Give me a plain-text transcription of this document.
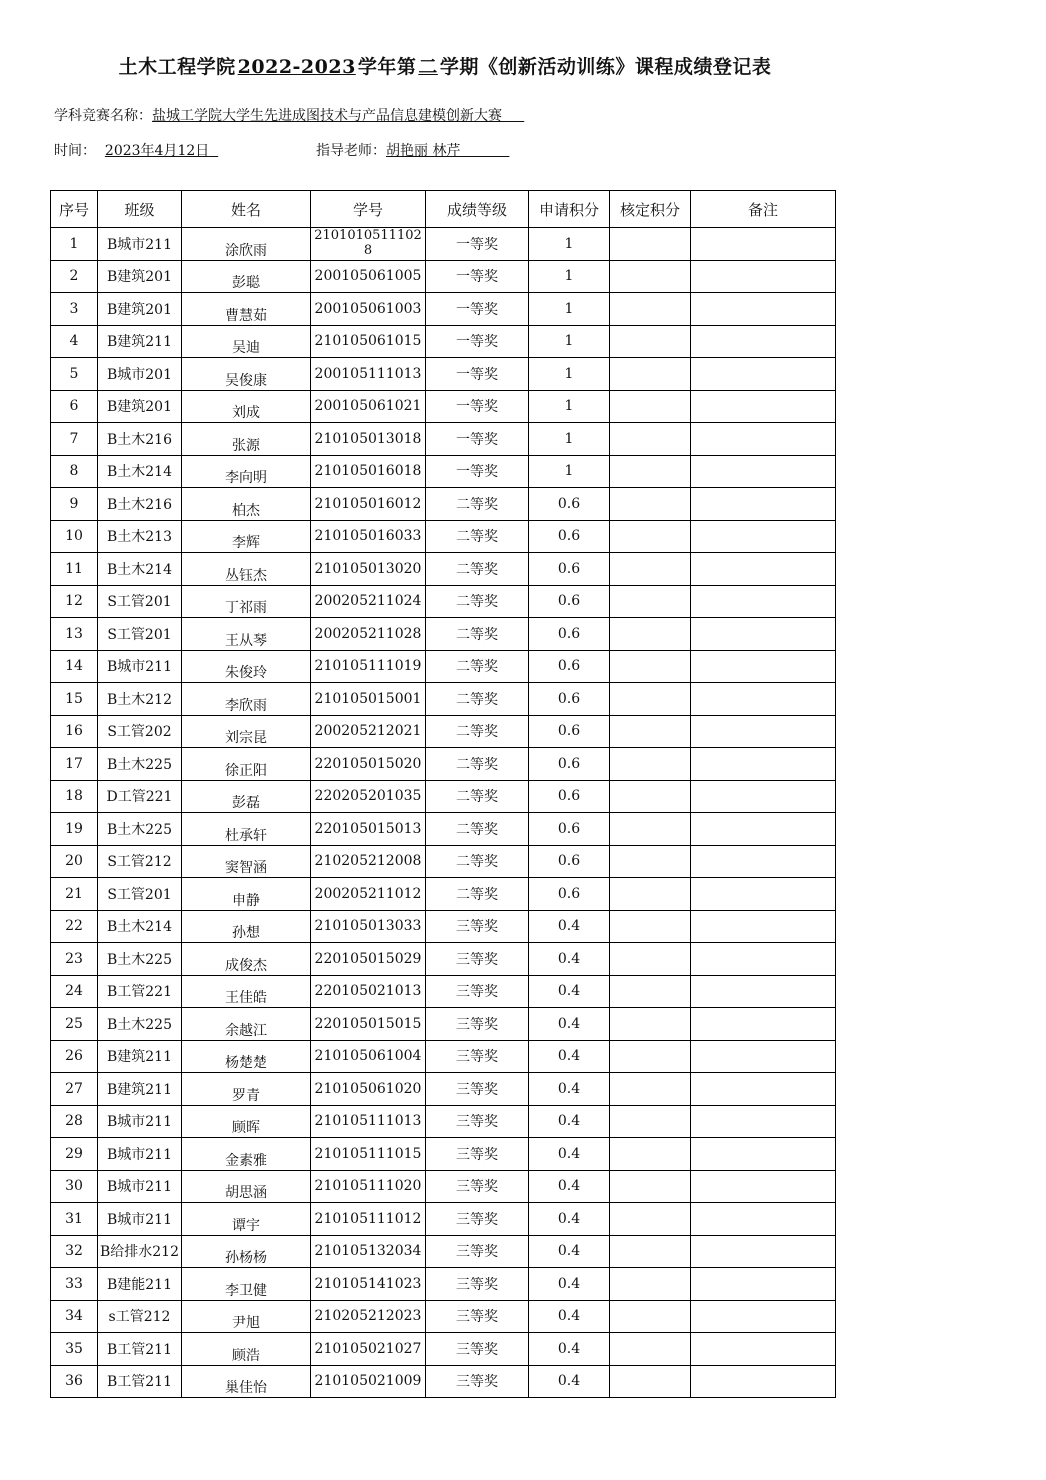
土木工程学院 2022-2023 学年第 二 学期《创新活动训练》课程成绩登记表
学科竞赛名称：盐城工学院大学生先进成图技术与产品信息建模创新大赛
时间： 2023年4月12日	指导老师：胡艳丽 林芹
序号	班级	姓名	学号	成绩等级	申请积分	核定积分	备注
1	B城市211	涂欣雨	21010105111028	一等奖	1		
2	B建筑201	彭聪	200105061005	一等奖	1		
3	B建筑201	曹慧茹	200105061003	一等奖	1		
4	B建筑211	吴迪	210105061015	一等奖	1		
5	B城市201	吴俊康	200105111013	一等奖	1		
6	B建筑201	刘成	200105061021	一等奖	1		
7	B土木216	张源	210105013018	一等奖	1		
8	B土木214	李向明	210105016018	一等奖	1		
9	B土木216	柏杰	210105016012	二等奖	0.6		
10	B土木213	李辉	210105016033	二等奖	0.6		
11	B土木214	丛钰杰	210105013020	二等奖	0.6		
12	S工管201	丁祁雨	200205211024	二等奖	0.6		
13	S工管201	王从琴	200205211028	二等奖	0.6		
14	B城市211	朱俊玲	210105111019	二等奖	0.6		
15	B土木212	李欣雨	210105015001	二等奖	0.6		
16	S工管202	刘宗昆	200205212021	二等奖	0.6		
17	B土木225	徐正阳	220105015020	二等奖	0.6		
18	D工管221	彭磊	220205201035	二等奖	0.6		
19	B土木225	杜承轩	220105015013	二等奖	0.6		
20	S工管212	窦智涵	210205212008	二等奖	0.6		
21	S工管201	申静	200205211012	二等奖	0.6		
22	B土木214	孙想	210105013033	三等奖	0.4		
23	B土木225	成俊杰	220105015029	三等奖	0.4		
24	B工管221	王佳皓	220105021013	三等奖	0.4		
25	B土木225	余越江	220105015015	三等奖	0.4		
26	B建筑211	杨楚楚	210105061004	三等奖	0.4		
27	B建筑211	罗青	210105061020	三等奖	0.4		
28	B城市211	顾晖	210105111013	三等奖	0.4		
29	B城市211	金素雅	210105111015	三等奖	0.4		
30	B城市211	胡思涵	210105111020	三等奖	0.4		
31	B城市211	谭宇	210105111012	三等奖	0.4		
32	B给排水212	孙杨杨	210105132034	三等奖	0.4		
33	B建能211	李卫健	210105141023	三等奖	0.4		
34	s工管212	尹旭	210205212023	三等奖	0.4		
35	B工管211	顾浩	210105021027	三等奖	0.4		
36	B工管211	巢佳怡	210105021009	三等奖	0.4		
